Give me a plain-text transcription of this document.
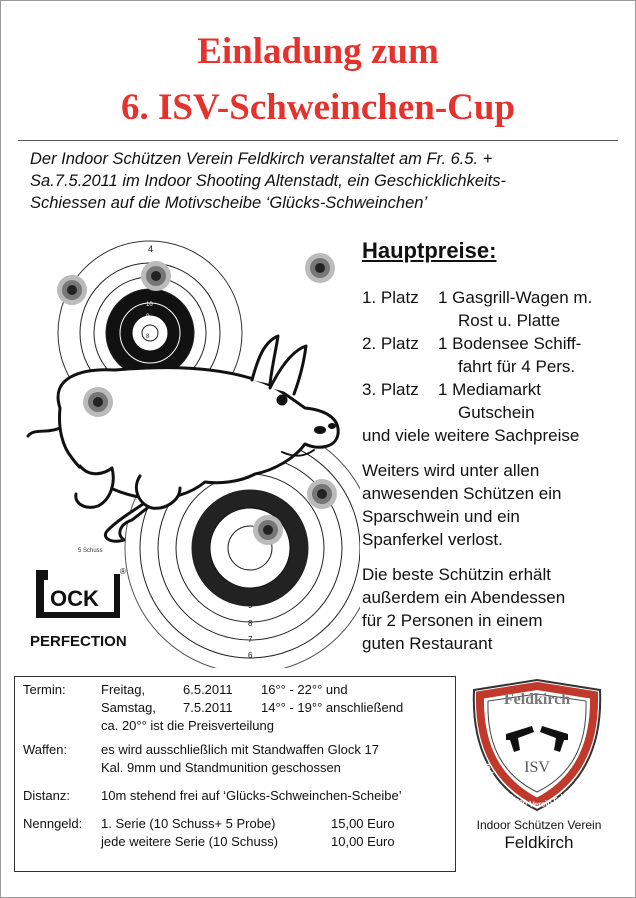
Einladung zum
6. ISV-Schweinchen-Cup
Der Indoor Schützen Verein Feldkirch veranstaltet am Fr. 6.5. +
Sa.7.5.2011 im Indoor Shooting Altenstadt, ein Geschicklichkeits-
Schiessen auf die Motivscheibe ‘Glücks-Schweinchen’
4
10
9
8
10
9
8
7
6
5 Schuss
OCK
®
PERFECTION
Hauptpreise:
1. Platz	1 Gasgrill-Wagen m.
Rost u. Platte
2. Platz	1 Bodensee Schiff-
fahrt für 4 Pers.
3. Platz	1 Mediamarkt
Gutschein
und viele weitere Sachpreise
Weiters wird unter allen
anwesenden Schützen ein
Sparschwein und ein
Spanferkel verlost.
Die beste Schützin erhält
außerdem ein Abendessen
für 2 Personen in einem
guten Restaurant
Termin:	Freitag,	6.5.2011 16°° - 22°° und
Samstag, 7.5.2011 14°° - 19°° anschließend
ca. 20°° ist die Preisverteilung
Waffen:	es wird ausschließlich mit Standwaffen Glock 17
Kal. 9mm und Standmunition geschossen
Distanz: 10m stehend frei auf ‘Glücks-Schweinchen-Scheibe’
Nenngeld: 1. Serie (10 Schuss+ 5 Probe)	15,00 Euro
jede weitere Serie (10 Schuss)	10,00 Euro
Feldkirch
ISV
Indoor Schützen Verein Feldkirch
Indoor Schützen Verein
Feldkirch
